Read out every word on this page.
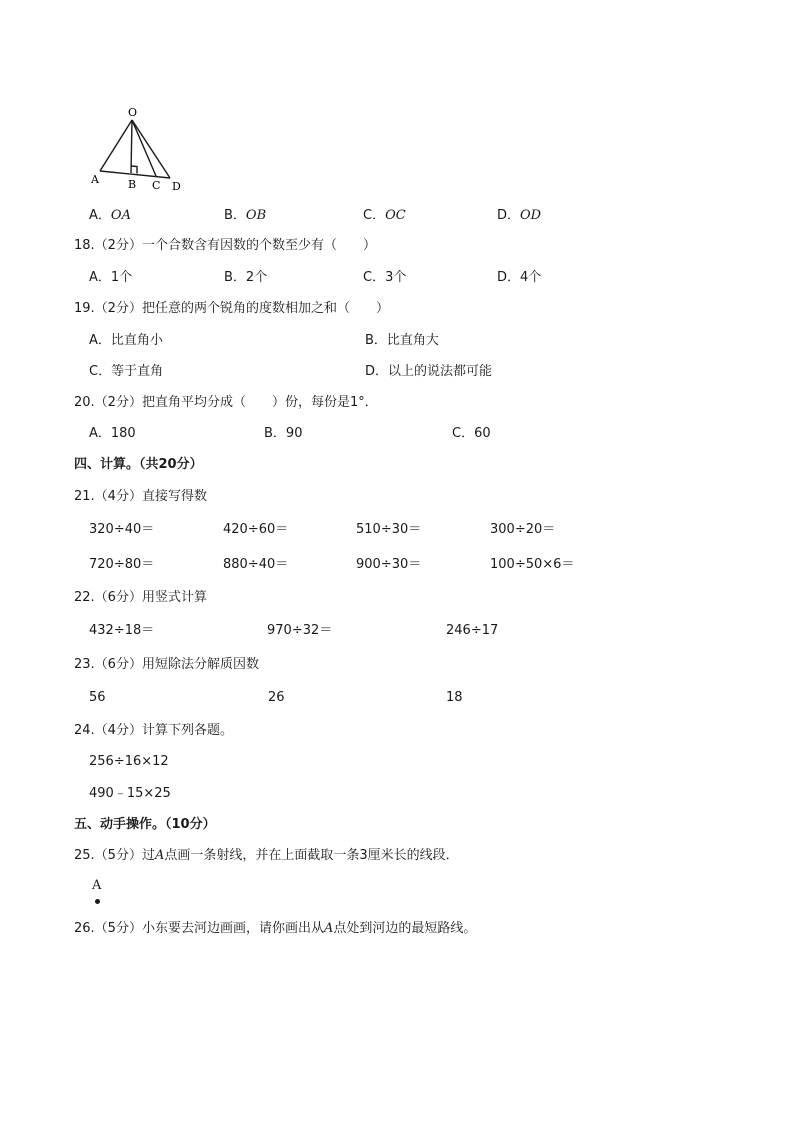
O
A	B C D
A．OA	B．OB	C．OC	D．OD
18.（2分）一个合数含有因数的个数至少有（　　）
A．1个	B．2个	C．3个	D．4个
19.（2分）把任意的两个锐角的度数相加之和（　　）
A．比直角小	B．比直角大
C．等于直角	D．以上的说法都可能
20.（2分）把直角平均分成（　　）份，每份是1°．
A．180	B．90	C．60
四、计算。（共20分）
21.（4分）直接写得数
320÷40＝	420÷60＝	510÷30＝	300÷20＝
720÷80＝	880÷40＝	900÷30＝	100÷50×6＝
22.（6分）用竖式计算
432÷18＝	970÷32＝	246÷17
23.（6分）用短除法分解质因数
56	26	18
24.（4分）计算下列各题。
256÷16×12
490﹣15×25
五、动手操作。（10分）
25.（5分）过A点画一条射线，并在上面截取一条3厘米长的线段．
A
26.（5分）小东要去河边画画，请你画出从A点处到河边的最短路线。
